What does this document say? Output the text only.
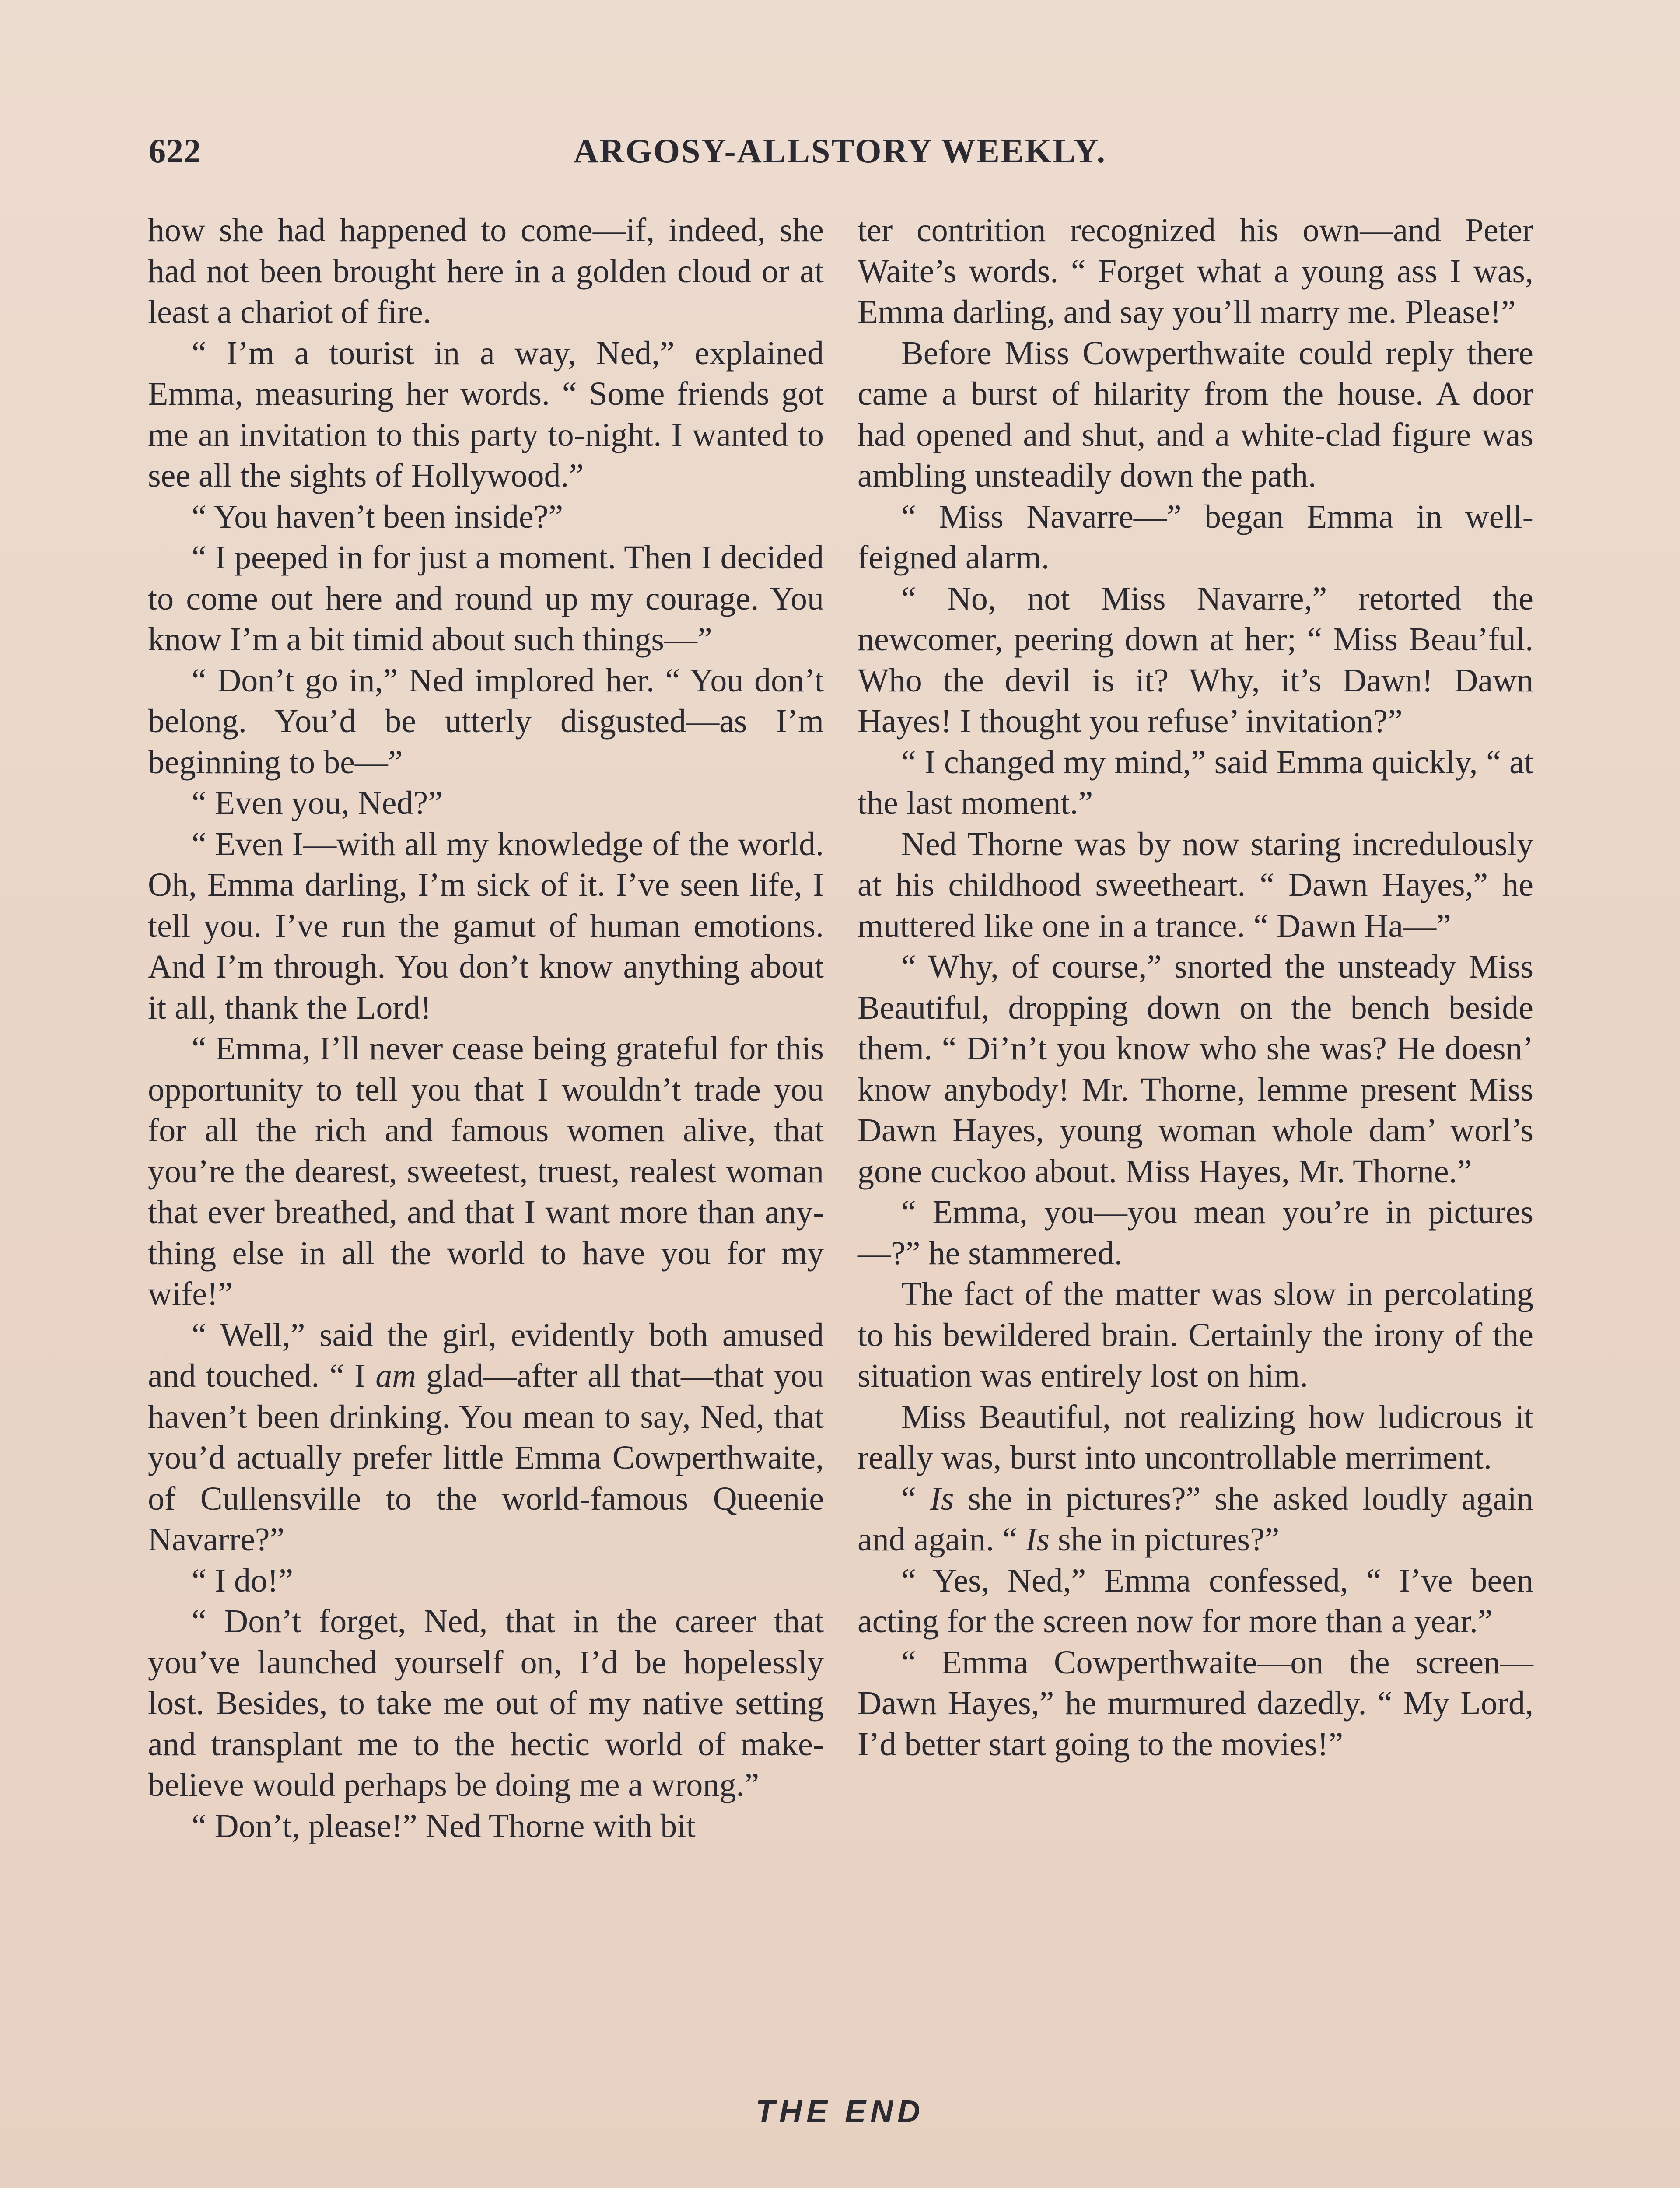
622	ARGOSY-ALLSTORY WEEKLY.

how she had happened to come—if, indeed, she had not been brought here in a golden cloud or at least a chariot of fire.

“ I’m a tourist in a way, Ned,” explained Emma, measuring her words. “ Some friends got me an invitation to this party to-night. I wanted to see all the sights of Hollywood.”

“ You haven’t been inside?”

“ I peeped in for just a moment. Then I decided to come out here and round up my courage. You know I’m a bit timid about such things—”

“ Don’t go in,” Ned implored her. “ You don’t belong. You’d be utterly disgusted—as I’m beginning to be—”

“ Even you, Ned?”

“ Even I—with all my knowledge of the world. Oh, Emma darling, I’m sick of it. I’ve seen life, I tell you. I’ve run the gamut of human emotions. And I’m through. You don’t know anything about it all, thank the Lord!

“ Emma, I’ll never cease being grateful for this opportunity to tell you that I wouldn’t trade you for all the rich and famous women alive, that you’re the dearest, sweetest, truest, realest woman that ever breathed, and that I want more than anything else in all the world to have you for my wife!”

“ Well,” said the girl, evidently both amused and touched. “ I am glad—after all that—that you haven’t been drinking. You mean to say, Ned, that you’d actually prefer little Emma Cowperthwaite, of Cullensville to the world-famous Queenie Navarre?”

“ I do!”

“ Don’t forget, Ned, that in the career that you’ve launched yourself on, I’d be hopelessly lost. Besides, to take me out of my native setting and transplant me to the hectic world of make-believe would perhaps be doing me a wrong.”

“ Don’t, please!” Ned Thorne with bit

ter contrition recognized his own—and Peter Waite’s words. “ Forget what a young ass I was, Emma darling, and say you’ll marry me. Please!”

Before Miss Cowperthwaite could reply there came a burst of hilarity from the house. A door had opened and shut, and a white-clad figure was ambling unsteadily down the path.

“ Miss Navarre—” began Emma in well-feigned alarm.

“ No, not Miss Navarre,” retorted the newcomer, peering down at her; “ Miss Beau’ful. Who the devil is it? Why, it’s Dawn! Dawn Hayes! I thought you refuse’ invitation?”

“ I changed my mind,” said Emma quickly, “ at the last moment.”

Ned Thorne was by now staring incredulously at his childhood sweetheart. “ Dawn Hayes,” he muttered like one in a trance. “ Dawn Ha—”

“ Why, of course,” snorted the unsteady Miss Beautiful, dropping down on the bench beside them. “ Di’n’t you know who she was? He doesn’ know anybody! Mr. Thorne, lemme present Miss Dawn Hayes, young woman whole dam’ worl’s gone cuckoo about. Miss Hayes, Mr. Thorne.”

“ Emma, you—you mean you’re in pictures—?” he stammered.

The fact of the matter was slow in percolating to his bewildered brain. Certainly the irony of the situation was entirely lost on him.

Miss Beautiful, not realizing how ludicrous it really was, burst into uncontrollable merriment.

“ Is she in pictures?” she asked loudly again and again. “ Is she in pictures?”

“ Yes, Ned,” Emma confessed, “ I’ve been acting for the screen now for more than a year.”

“ Emma Cowperthwaite—on the screen—Dawn Hayes,” he murmured dazedly. “ My Lord, I’d better start going to the movies!”

THE END
